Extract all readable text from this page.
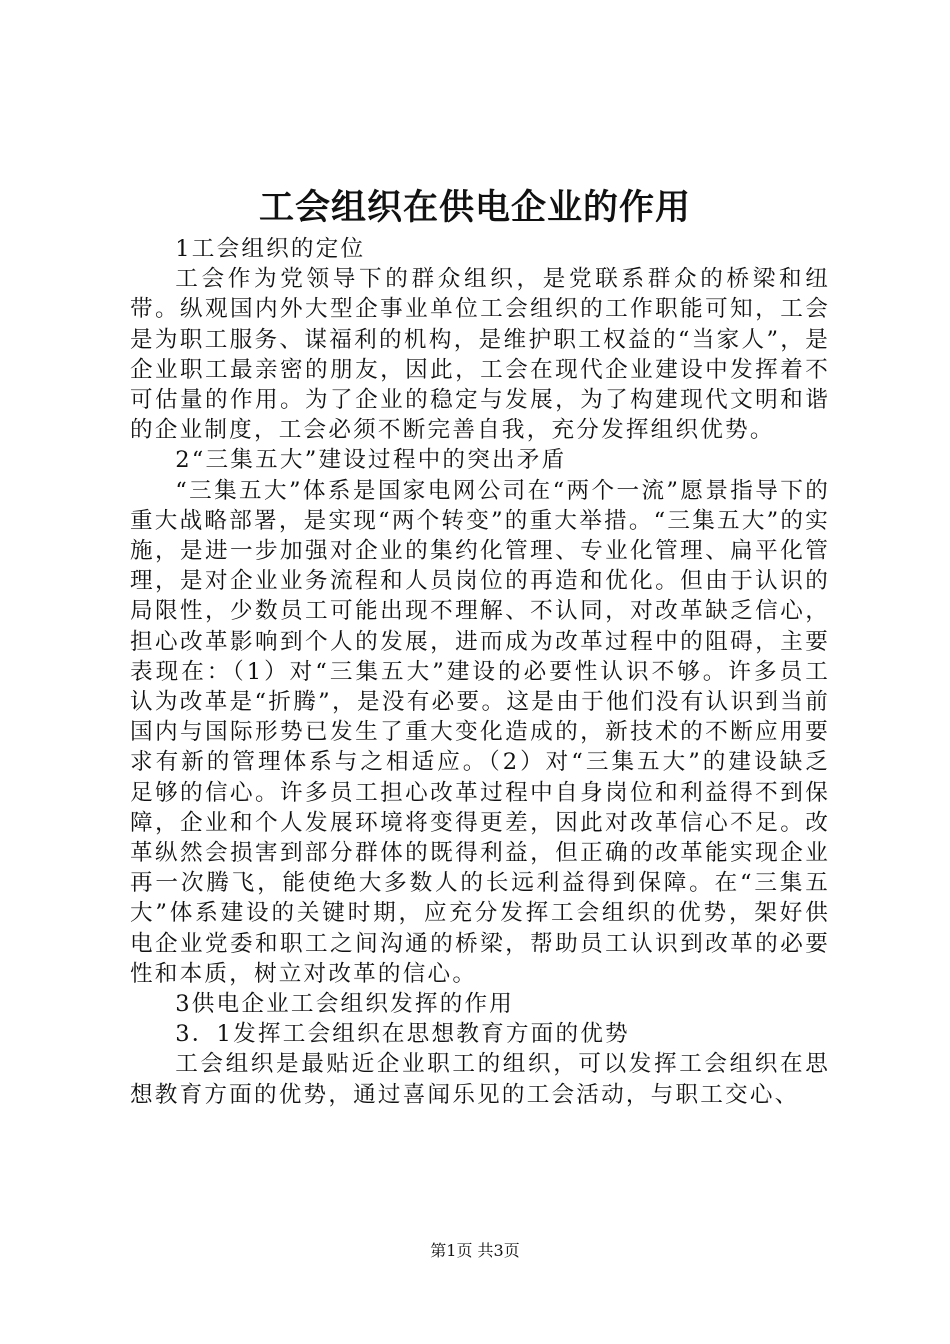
工会组织在供电企业的作用

1工会组织的定位

工会作为党领导下的群众组织，是党联系群众的桥梁和纽带。纵观国内外大型企事业单位工会组织的工作职能可知，工会是为职工服务、谋福利的机构，是维护职工权益的“当家人”，是企业职工最亲密的朋友，因此，工会在现代企业建设中发挥着不可估量的作用。为了企业的稳定与发展，为了构建现代文明和谐的企业制度，工会必须不断完善自我，充分发挥组织优势。

2“三集五大”建设过程中的突出矛盾

“三集五大”体系是国家电网公司在“两个一流”愿景指导下的重大战略部署，是实现“两个转变”的重大举措。“三集五大”的实施，是进一步加强对企业的集约化管理、专业化管理、扁平化管理，是对企业业务流程和人员岗位的再造和优化。但由于认识的局限性，少数员工可能出现不理解、不认同，对改革缺乏信心，担心改革影响到个人的发展，进而成为改革过程中的阻碍，主要表现在：（1）对“三集五大”建设的必要性认识不够。许多员工认为改革是“折腾”，是没有必要。这是由于他们没有认识到当前国内与国际形势已发生了重大变化造成的，新技术的不断应用要求有新的管理体系与之相适应。（2）对“三集五大”的建设缺乏足够的信心。许多员工担心改革过程中自身岗位和利益得不到保障，企业和个人发展环境将变得更差，因此对改革信心不足。改革纵然会损害到部分群体的既得利益，但正确的改革能实现企业再一次腾飞，能使绝大多数人的长远利益得到保障。在“三集五大”体系建设的关键时期，应充分发挥工会组织的优势，架好供电企业党委和职工之间沟通的桥梁，帮助员工认识到改革的必要性和本质，树立对改革的信心。

3供电企业工会组织发挥的作用

3．1发挥工会组织在思想教育方面的优势

工会组织是最贴近企业职工的组织，可以发挥工会组织在思想教育方面的优势，通过喜闻乐见的工会活动，与职工交心、

第1页 共3页
